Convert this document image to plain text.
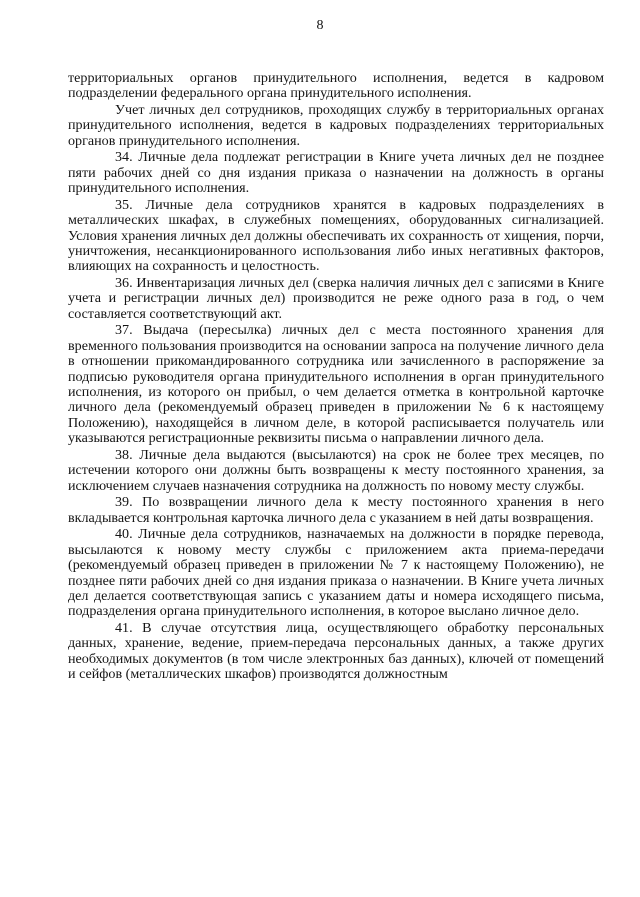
8

территориальных органов принудительного исполнения, ведется в кадровом подразделении федерального органа принудительного исполнения.

Учет личных дел сотрудников, проходящих службу в территориальных органах принудительного исполнения, ведется в кадровых подразделениях территориальных органов принудительного исполнения.

34. Личные дела подлежат регистрации в Книге учета личных дел не позднее пяти рабочих дней со дня издания приказа о назначении на должность в органы принудительного исполнения.

35. Личные дела сотрудников хранятся в кадровых подразделениях в металлических шкафах, в служебных помещениях, оборудованных сигнализацией. Условия хранения личных дел должны обеспечивать их сохранность от хищения, порчи, уничтожения, несанкционированного использования либо иных негативных факторов, влияющих на сохранность и целостность.

36. Инвентаризация личных дел (сверка наличия личных дел с записями в Книге учета и регистрации личных дел) производится не реже одного раза в год, о чем составляется соответствующий акт.

37. Выдача (пересылка) личных дел с места постоянного хранения для временного пользования производится на основании запроса на получение личного дела в отношении прикомандированного сотрудника или зачисленного в распоряжение за подписью руководителя органа принудительного исполнения в орган принудительного исполнения, из которого он прибыл, о чем делается отметка в контрольной карточке личного дела (рекомендуемый образец приведен в приложении № 6 к настоящему Положению), находящейся в личном деле, в которой расписывается получатель или указываются регистрационные реквизиты письма о направлении личного дела.

38. Личные дела выдаются (высылаются) на срок не более трех месяцев, по истечении которого они должны быть возвращены к месту постоянного хранения, за исключением случаев назначения сотрудника на должность по новому месту службы.

39. По возвращении личного дела к месту постоянного хранения в него вкладывается контрольная карточка личного дела с указанием в ней даты возвращения.

40. Личные дела сотрудников, назначаемых на должности в порядке перевода, высылаются к новому месту службы с приложением акта приема-передачи (рекомендуемый образец приведен в приложении № 7 к настоящему Положению), не позднее пяти рабочих дней со дня издания приказа о назначении. В Книге учета личных дел делается соответствующая запись с указанием даты и номера исходящего письма, подразделения органа принудительного исполнения, в которое выслано личное дело.

41. В случае отсутствия лица, осуществляющего обработку персональных данных, хранение, ведение, прием-передача персональных данных, а также других необходимых документов (в том числе электронных баз данных), ключей от помещений и сейфов (металлических шкафов) производятся должностным
